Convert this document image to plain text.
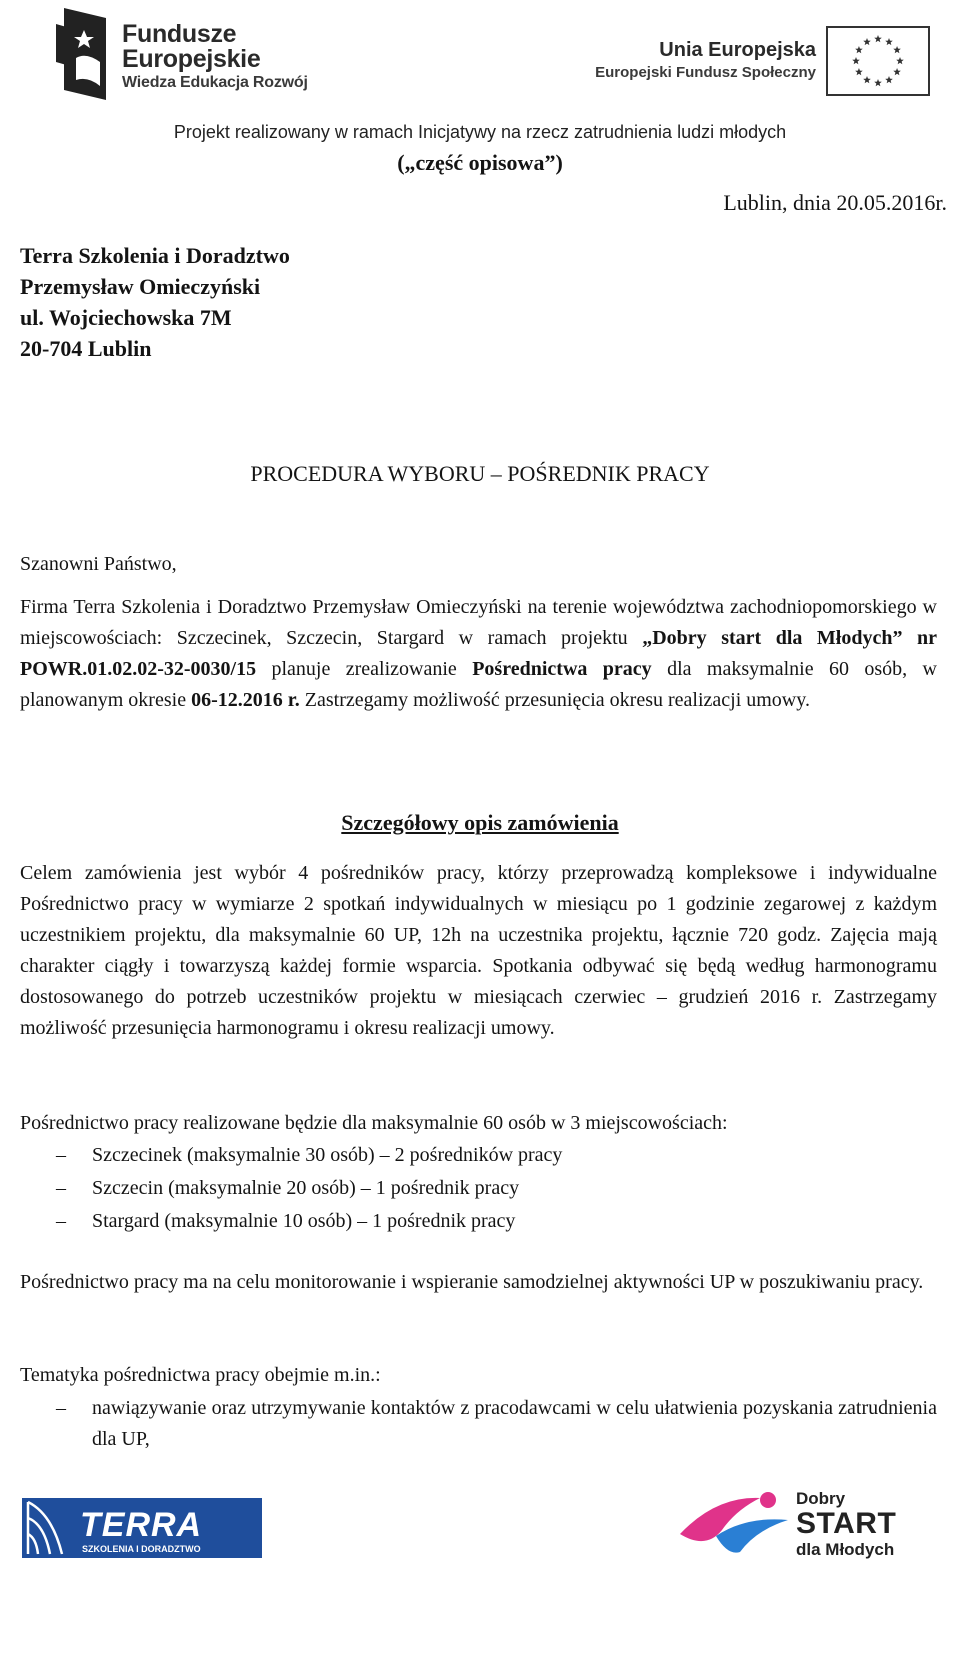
Fundusze
Europejskie
Wiedza Edukacja Rozwój
Unia Europejska
Europejski Fundusz Społeczny
Projekt realizowany w ramach Inicjatywy na rzecz zatrudnienia ludzi młodych
(„część opisowa”)
Lublin, dnia 20.05.2016r.
Terra Szkolenia i Doradztwo
Przemysław Omieczyński
ul. Wojciechowska 7M
20-704 Lublin
PROCEDURA WYBORU – POŚREDNIK PRACY
Szanowni Państwo,
Firma Terra Szkolenia i Doradztwo Przemysław Omieczyński na terenie województwa zachodniopomorskiego w miejscowościach: Szczecinek, Szczecin, Stargard w ramach projektu „Dobry start dla Młodych” nr POWR.01.02.02-32-0030/15 planuje zrealizowanie Pośrednictwa pracy dla maksymalnie 60 osób, w planowanym okresie 06-12.2016 r. Zastrzegamy możliwość przesunięcia okresu realizacji umowy.
Szczegółowy opis zamówienia
Celem zamówienia jest wybór 4 pośredników pracy, którzy przeprowadzą kompleksowe i indywidualne Pośrednictwo pracy w wymiarze 2 spotkań indywidualnych w miesiącu po 1 godzinie zegarowej z każdym uczestnikiem projektu, dla maksymalnie 60 UP, 12h na uczestnika projektu, łącznie 720 godz. Zajęcia mają charakter ciągły i towarzyszą każdej formie wsparcia. Spotkania odbywać się będą według harmonogramu dostosowanego do potrzeb uczestników projektu w miesiącach czerwiec – grudzień 2016 r. Zastrzegamy możliwość przesunięcia harmonogramu i okresu realizacji umowy.
Pośrednictwo pracy realizowane będzie dla maksymalnie 60 osób w 3 miejscowościach:
– Szczecinek (maksymalnie 30 osób) – 2 pośredników pracy
– Szczecin (maksymalnie 20 osób) – 1 pośrednik pracy
– Stargard (maksymalnie 10 osób) – 1 pośrednik pracy
Pośrednictwo pracy ma na celu monitorowanie i wspieranie samodzielnej aktywności UP w poszukiwaniu pracy.
Tematyka pośrednictwa pracy obejmie m.in.:
– nawiązywanie oraz utrzymywanie kontaktów z pracodawcami w celu ułatwienia pozyskania zatrudnienia dla UP,
TERRA
SZKOLENIA I DORADZTWO
Dobry
START
dla Młodych
